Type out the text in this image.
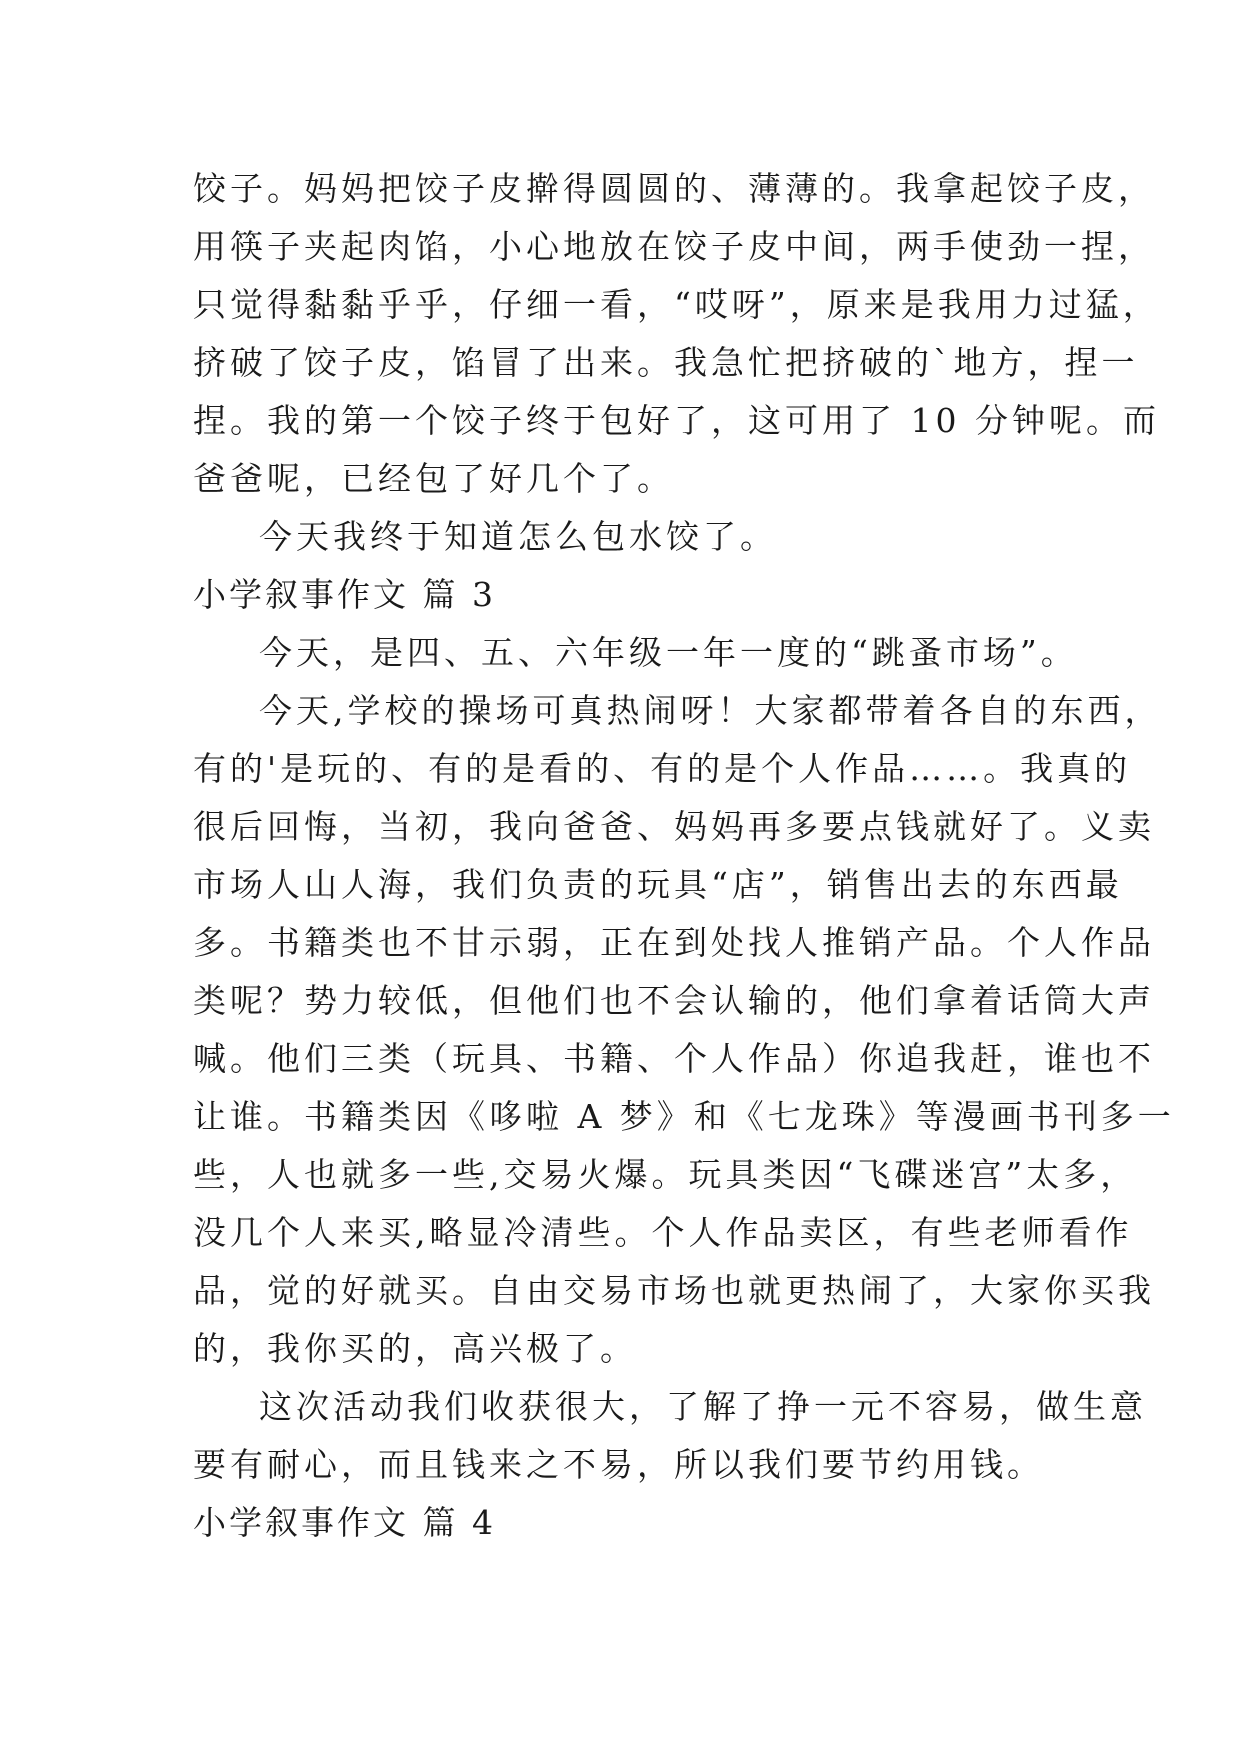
饺子。妈妈把饺子皮擀得圆圆的、薄薄的。我拿起饺子皮，
用筷子夹起肉馅，小心地放在饺子皮中间，两手使劲一捏，
只觉得黏黏乎乎，仔细一看，“哎呀”，原来是我用力过猛，
挤破了饺子皮，馅冒了出来。我急忙把挤破的`地方，捏一
捏。我的第一个饺子终于包好了，这可用了 10 分钟呢。而
爸爸呢，已经包了好几个了。

今天我终于知道怎么包水饺了。

小学叙事作文 篇 3

今天，是四、五、六年级一年一度的“跳蚤市场”。

今天,学校的操场可真热闹呀！大家都带着各自的东西，
有的'是玩的、有的是看的、有的是个人作品……。我真的
很后回悔，当初，我向爸爸、妈妈再多要点钱就好了。义卖
市场人山人海，我们负责的玩具“店”，销售出去的东西最
多。书籍类也不甘示弱，正在到处找人推销产品。个人作品
类呢？势力较低，但他们也不会认输的，他们拿着话筒大声
喊。他们三类（玩具、书籍、个人作品）你追我赶，谁也不
让谁。书籍类因《哆啦 A 梦》和《七龙珠》等漫画书刊多一
些，人也就多一些,交易火爆。玩具类因“飞碟迷宫”太多，
没几个人来买,略显冷清些。个人作品卖区，有些老师看作
品，觉的好就买。自由交易市场也就更热闹了，大家你买我
的，我你买的，高兴极了。

这次活动我们收获很大，了解了挣一元不容易，做生意
要有耐心，而且钱来之不易，所以我们要节约用钱。

小学叙事作文 篇 4
